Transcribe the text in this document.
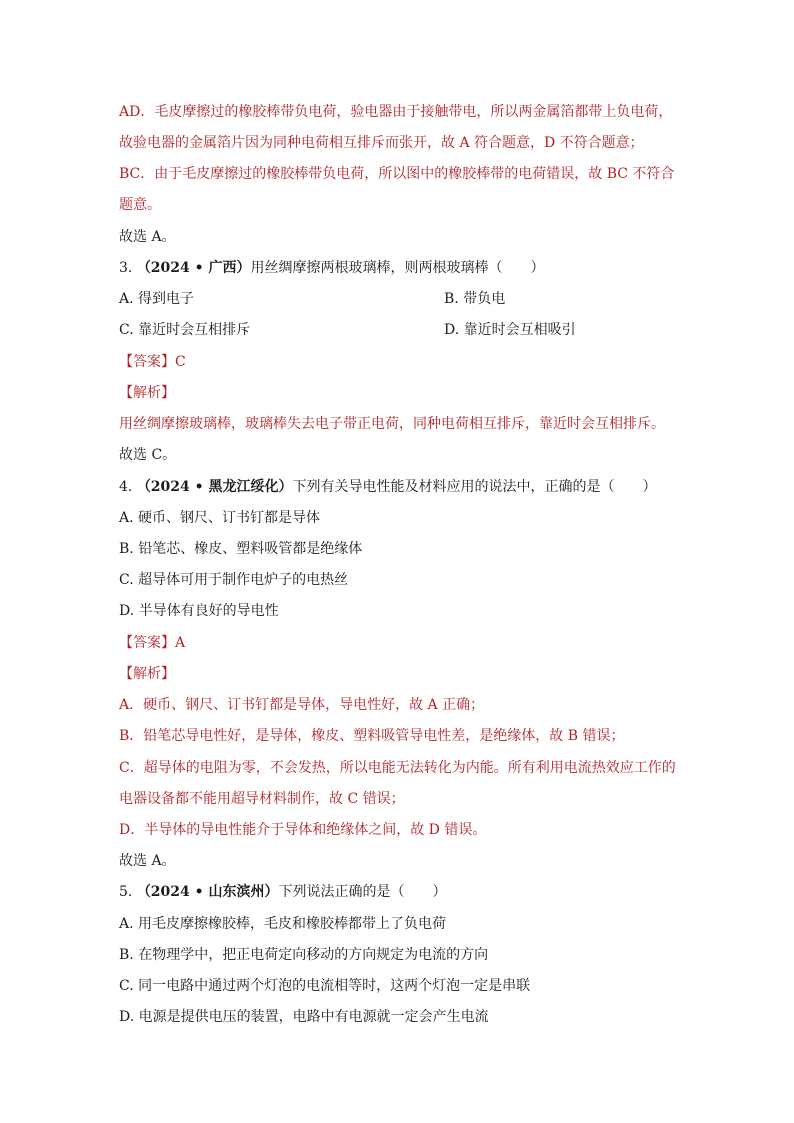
AD．毛皮摩擦过的橡胶棒带负电荷，验电器由于接触带电，所以两金属箔都带上负电荷，
故验电器的金属箔片因为同种电荷相互排斥而张开，故 A 符合题意，D 不符合题意；
BC．由于毛皮摩擦过的橡胶棒带负电荷，所以图中的橡胶棒带的电荷错误，故 BC 不符合
题意。
故选 A。
3. （2024 • 广西）用丝绸摩擦两根玻璃棒，则两根玻璃棒（　　）
A. 得到电子	B. 带负电
C. 靠近时会互相排斥	D. 靠近时会互相吸引
【答案】C
【解析】
用丝绸摩擦玻璃棒，玻璃棒失去电子带正电荷，同种电荷相互排斥，靠近时会互相排斥。
故选 C。
4. （2024 • 黑龙江绥化）下列有关导电性能及材料应用的说法中，正确的是（　　）
A. 硬币、钢尺、订书钉都是导体
B. 铅笔芯、橡皮、塑料吸管都是绝缘体
C. 超导体可用于制作电炉子的电热丝
D. 半导体有良好的导电性
【答案】A
【解析】
A．硬币、钢尺、订书钉都是导体，导电性好，故 A 正确；
B．铅笔芯导电性好，是导体，橡皮、塑料吸管导电性差，是绝缘体，故 B 错误；
C．超导体的电阻为零，不会发热，所以电能无法转化为内能。所有利用电流热效应工作的
电器设备都不能用超导材料制作，故 C 错误；
D．半导体的导电性能介于导体和绝缘体之间，故 D 错误。
故选 A。
5. （2024 • 山东滨州）下列说法正确的是（　　）
A. 用毛皮摩擦橡胶棒，毛皮和橡胶棒都带上了负电荷
B. 在物理学中，把正电荷定向移动的方向规定为电流的方向
C. 同一电路中通过两个灯泡的电流相等时，这两个灯泡一定是串联
D. 电源是提供电压的装置，电路中有电源就一定会产生电流
